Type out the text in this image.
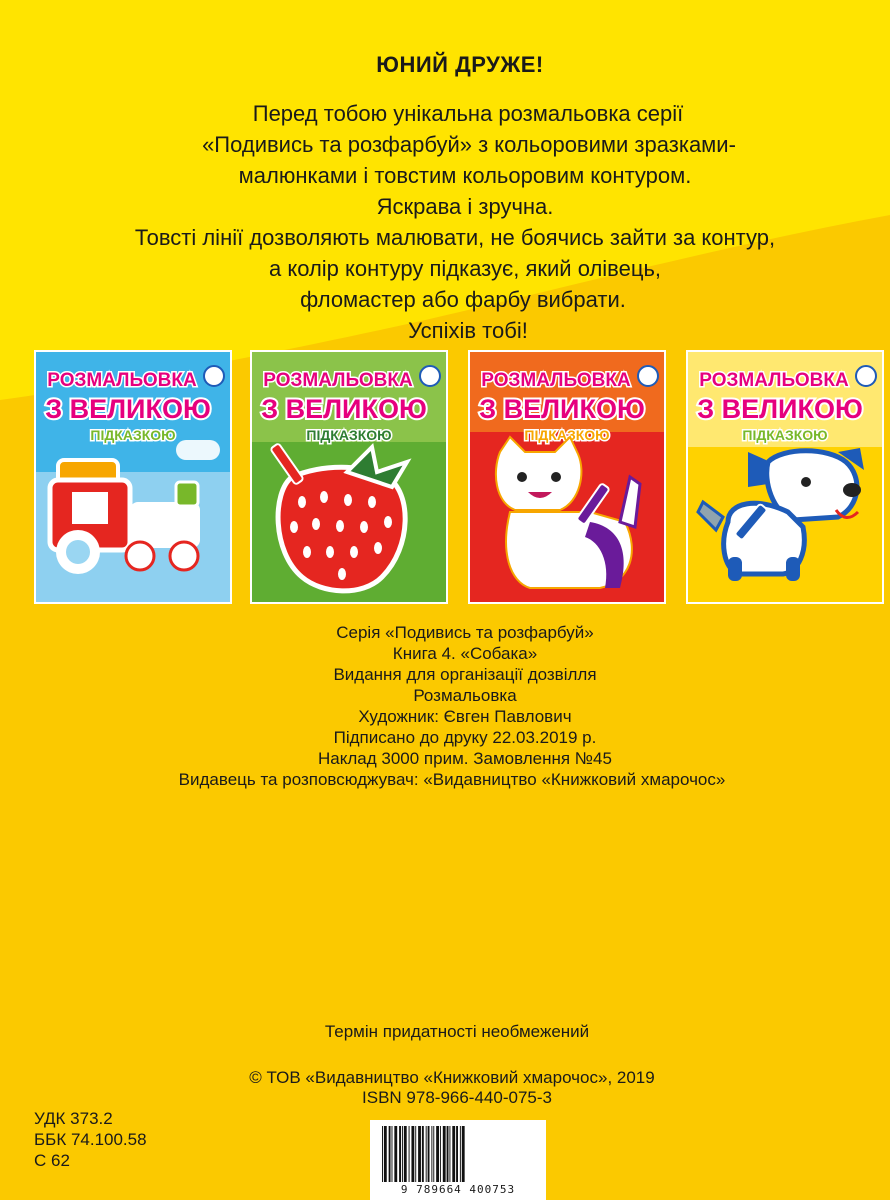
ЮНИЙ ДРУЖЕ!
Перед тобою унікальна розмальовка серії
«Подивись та розфарбуй» з кольоровими зразками-
малюнками і товстим кольоровим контуром.
Яскрава і зручна.
Товсті лінії дозволяють малювати, не боячись зайти за контур,
а колір контуру підказує, який олівець,
фломастер або фарбу вибрати.
Успіхів тобі!
РОЗМАЛЬОВКА
З ВЕЛИКОЮ
ПІДКАЗКОЮ
РОЗМАЛЬОВКА
З ВЕЛИКОЮ
ПІДКАЗКОЮ
РОЗМАЛЬОВКА
З ВЕЛИКОЮ
ПІДКАЗКОЮ
РОЗМАЛЬОВКА
З ВЕЛИКОЮ
ПІДКАЗКОЮ
Серія «Подивись та розфарбуй»
Книга 4. «Собака»
Видання для організації дозвілля
Розмальовка
Художник: Євген Павлович
Підписано до друку 22.03.2019 р.
Наклад 3000 прим. Замовлення №45
Видавець та розповсюджувач: «Видавництво «Книжковий хмарочос»
Термін придатності необмежений
© ТОВ «Видавництво «Книжковий хмарочос», 2019
ISBN 978-966-440-075-3
УДК 373.2
ББК 74.100.58
С 62
9 789664 400753
